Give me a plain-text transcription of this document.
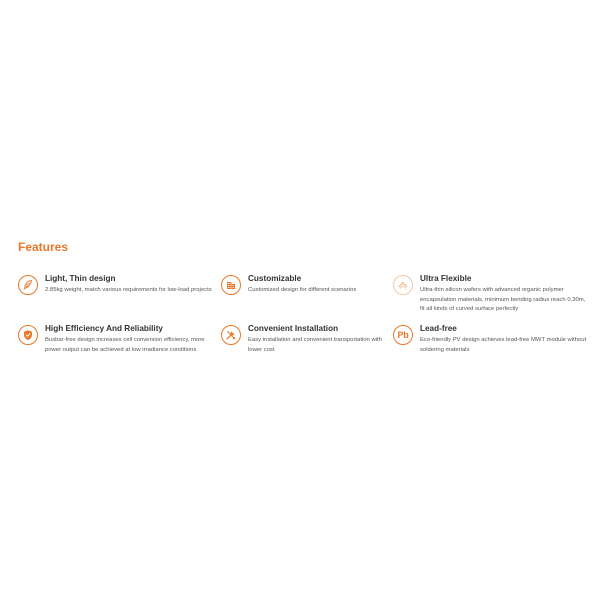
Features
Light, Thin design
2.85kg weight, match various requirements for low-load projects
Customizable
Customized design for different scenarios
Ultra Flexible
Ultra-thin silicon wafers with advanced organic polymer encapsulation materials, minimum bending radius reach 0.30m, fit all kinds of curved surface perfectly
High Efficiency And Reliability
Busbar-free design increases cell conversion efficiency, more power output can be achieved at low irradiance conditions
Convenient Installation
Easy installation and convenient transportation with lower cost
Pb
Lead-free
Eco-friendly PV design achieves lead-free MWT module without soldering materials
